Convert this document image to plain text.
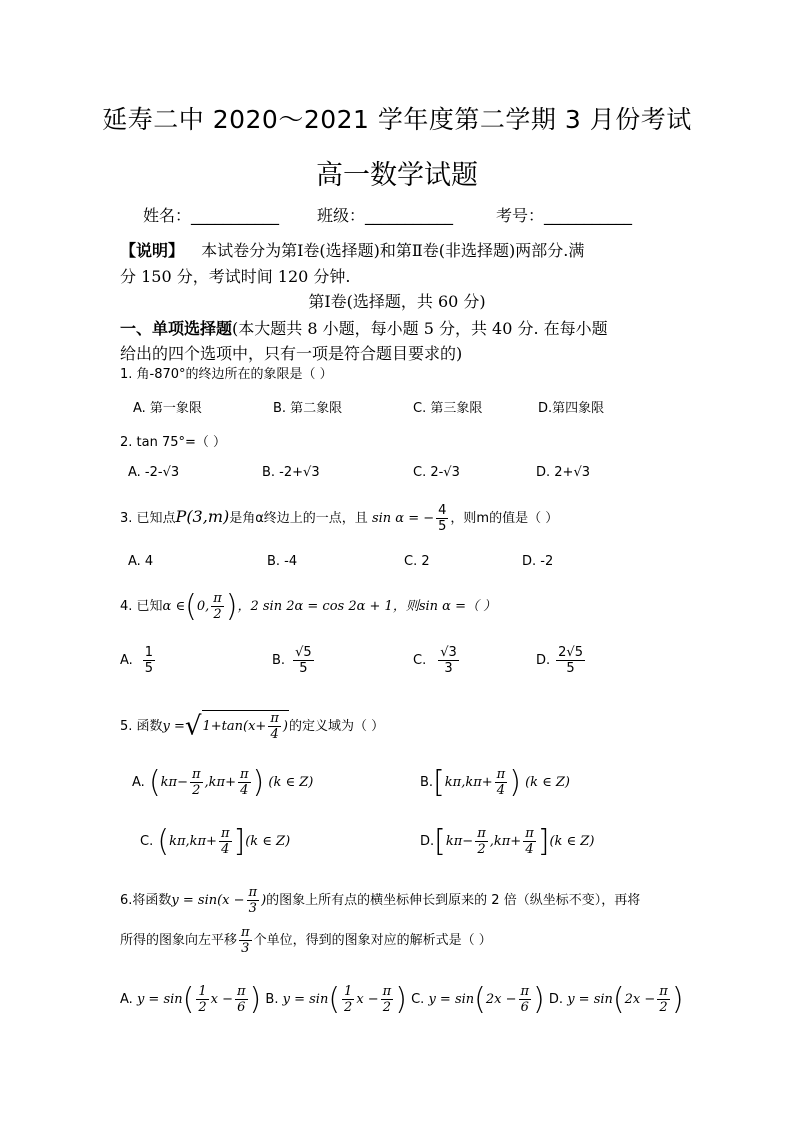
延寿二中 2020～2021 学年度第二学期 3 月份考试
高一数学试题
姓名：___________ 班级：___________	考号：___________
【说明】 本试卷分为第Ⅰ卷(选择题)和第Ⅱ卷(非选择题)两部分.满
分 150 分，考试时间 120 分钟.
第Ⅰ卷(选择题，共 60 分)
一、单项选择题(本大题共 8 小题，每小题 5 分，共 40 分. 在每小题
给出的四个选项中，只有一项是符合题目要求的)
1. 角-870°的终边所在的象限是（ ）
A. 第一象限	B. 第二象限	C. 第三象限	D.第四象限
2. tan 75°=（ ）
A. -2-√3	B. -2+√3	C. 2-√3	D. 2+√3
3. 已知点P(3,m)是角α终边上的一点，且 sin α = − $\frac{4}{5}$ ，则m的值是（ ）
A. 4	B. -4	C. 2	D. -2
4. 已知α ∈(0, $\frac{\pi}{2}$ )，2 sin 2α = cos 2α + 1，则sin α =（ ）
A. $\frac{1}{5}$	B. $\frac{√5}{5}$	C. $\frac{√3}{3}$	D. $\frac{2√5}{5}$
5. 函数$y =√1+\tan(x+ \frac{\pi}{4}$ )的定义域为（ ）
A. ($k\pi- \frac{\pi}{2} ,k\pi+ \frac{\pi}{4}$ ) (k ∈ Z)	$B.[k\pi,k\pi+ \frac{\pi}{4}$ ) (k ∈ Z)
C. $(k\pi,k\pi+ \frac{\pi}{4} ](k$ ∈ Z)	$D.[k\pi- \frac{\pi}{2} ,k\pi+ \frac{\pi}{4} ](k$ ∈ Z)
6.将函数$y = \sin(x - \frac{\pi}{3}$ )的图象上所有点的横坐标伸长到原来的 2 倍（纵坐标不变），再将
所得的图象向左平移 $\frac{\pi}{3}$ 个单位，得到的图象对应的解析式是（ ）
A. $y = \sin( \frac{1}{2}$ $x - \frac{\pi}{6}$ ) B. $y = \sin( \frac{1}{2}$ $x - \frac{\pi}{2}$ ) C. $y = \sin(2x - \frac{\pi}{6}$ ) D. $y = \sin(2x - \frac{\pi}{2}$ )
